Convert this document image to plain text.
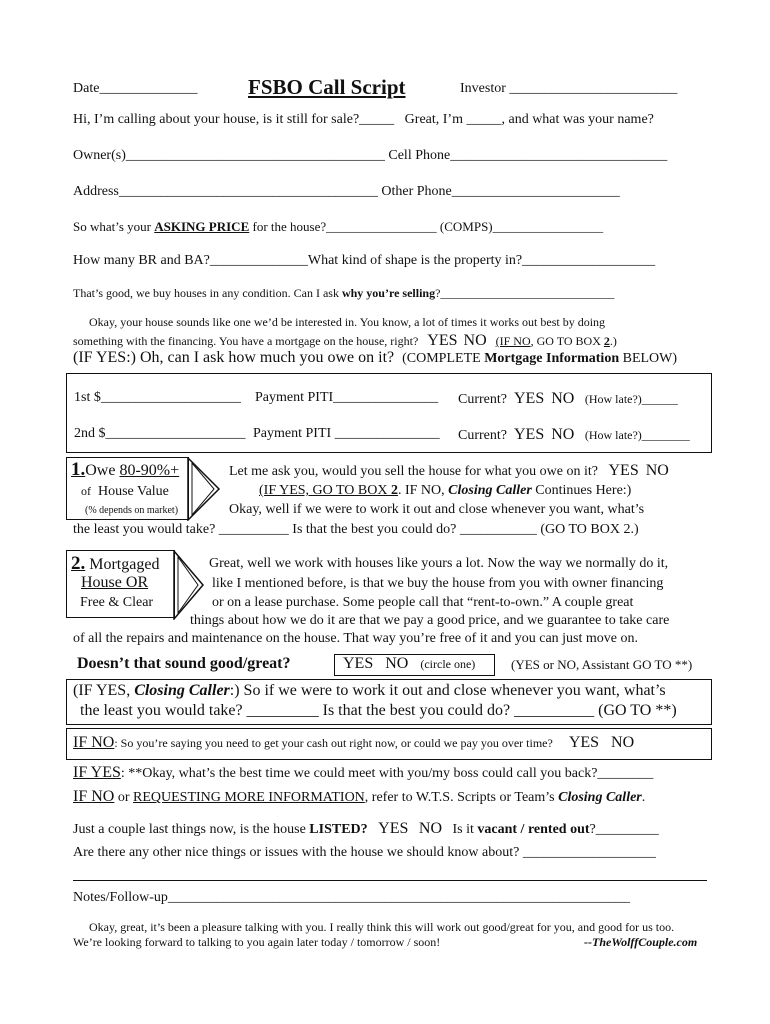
Date______________ FSBO Call Script	Investor ________________________
Hi, I’m calling about your house, is it still for sale?_____ Great, I’m _____, and what was your name?
Owner(s)_____________________________________ Cell Phone_______________________________
Address_____________________________________ Other Phone________________________
So what’s your ASKING PRICE for the house?_________________ (COMPS)_________________
How many BR and BA?______________What kind of shape is the property in?___________________
That’s good, we buy houses in any condition. Can I ask why you’re selling?_____________________________
Okay, your house sounds like one we’d be interested in. You know, a lot of times it works out best by doing
something with the financing. You have a mortgage on the house, right? YES NO (IF NO, GO TO BOX 2.)
(IF YES:) Oh, can I ask how much you owe on it? (COMPLETE Mortgage Information BELOW)
1st $____________________ Payment PITI_______________ Current? YES NO (How late?)______
2nd $____________________ Payment PITI _______________ Current? YES NO (How late?)________
1.Owe 80-90%+
of House Value
(% depends on market)
Let me ask you, would you sell the house for what you owe on it? YES NO
(IF YES, GO TO BOX 2. IF NO, Closing Caller Continues Here:)
Okay, well if we were to work it out and close whenever you want, what’s
the least you would take? __________ Is that the best you could do? ___________ (GO TO BOX 2.)
2. Mortgaged
House OR
Free & Clear
Great, well we work with houses like yours a lot. Now the way we normally do it,
like I mentioned before, is that we buy the house from you with owner financing
or on a lease purchase. Some people call that “rent-to-own.” A couple great
things about how we do it are that we pay a good price, and we guarantee to take care
of all the repairs and maintenance on the house. That way you’re free of it and you can just move on.
Doesn’t that sound good/great?	YES NO (circle one)	(YES or NO, Assistant GO TO **)
(IF YES, Closing Caller:) So if we were to work it out and close whenever you want, what’s
the least you would take? _________ Is that the best you could do? __________ (GO TO **)
IF NO: So you’re saying you need to get your cash out right now, or could we pay you over time? YES NO
IF YES: **Okay, what’s the best time we could meet with you/my boss could call you back?________
IF NO or REQUESTING MORE INFORMATION, refer to W.T.S. Scripts or Team’s Closing Caller.
Just a couple last things now, is the house LISTED? YES NO Is it vacant / rented out?_________
Are there any other nice things or issues with the house we should know about? ___________________
Notes/Follow-up__________________________________________________________________
Okay, great, it’s been a pleasure talking with you. I really think this will work out good/great for you, and good for us too.
We’re looking forward to talking to you again later today / tomorrow / soon!	--TheWolffCouple.com
